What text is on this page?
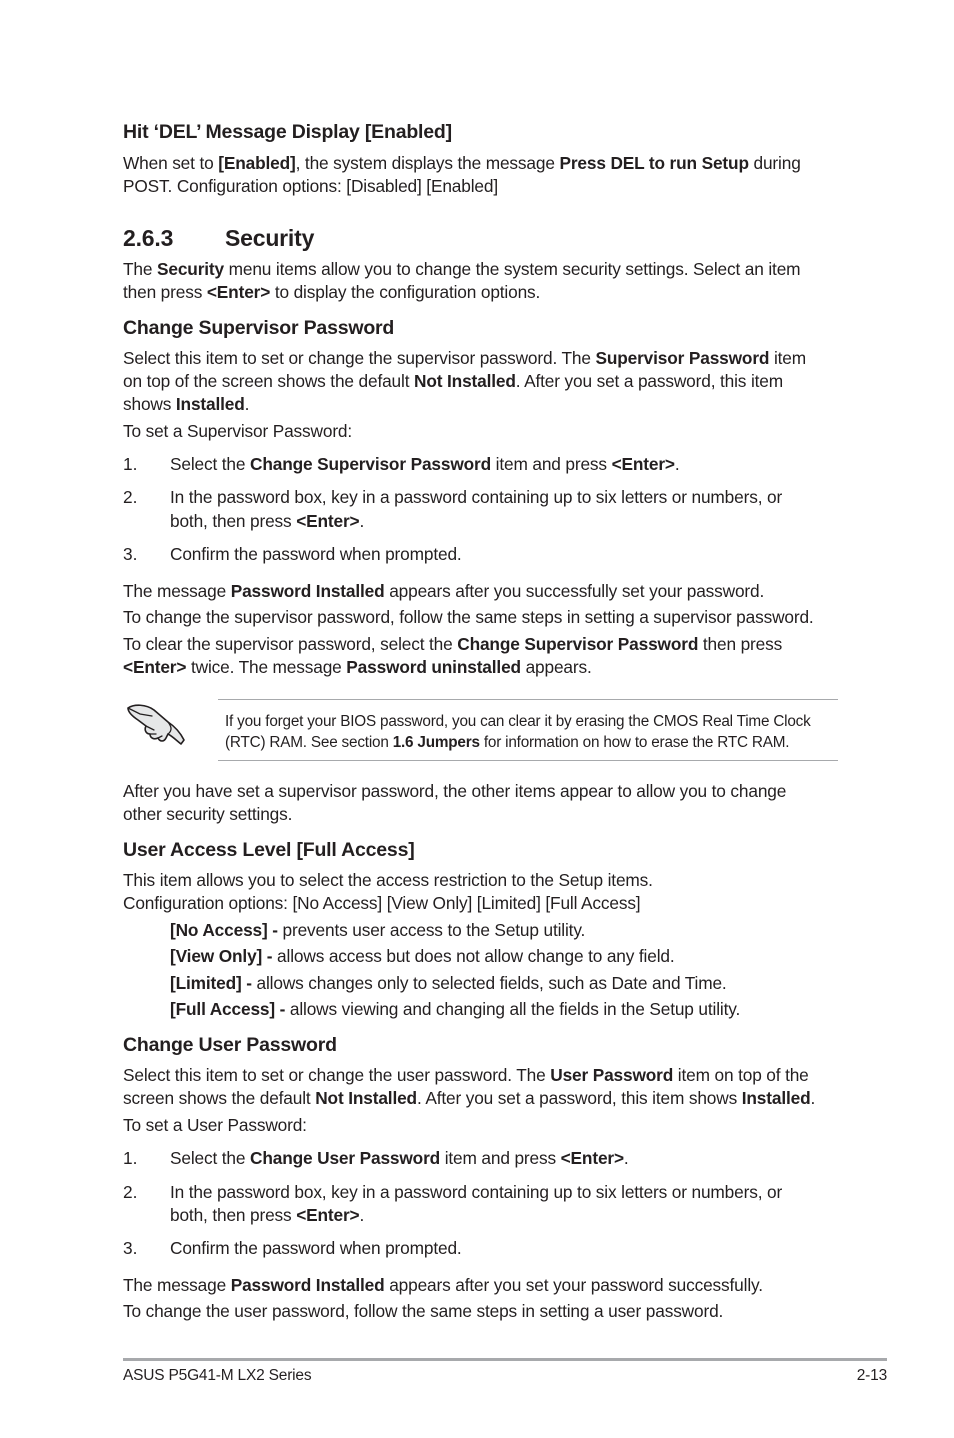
Hit ‘DEL’ Message Display [Enabled]
When set to [Enabled], the system displays the message Press DEL to run Setup during
POST. Configuration options: [Disabled] [Enabled]
2.6.3 Security
The Security menu items allow you to change the system security settings. Select an item
then press <Enter> to display the configuration options.
Change Supervisor Password
Select this item to set or change the supervisor password. The Supervisor Password item
on top of the screen shows the default Not Installed. After you set a password, this item
shows Installed.
To set a Supervisor Password:
1. Select the Change Supervisor Password item and press <Enter>.
2. In the password box, key in a password containing up to six letters or numbers, or
both, then press <Enter>.
3. Confirm the password when prompted.
The message Password Installed appears after you successfully set your password.
To change the supervisor password, follow the same steps in setting a supervisor password.
To clear the supervisor password, select the Change Supervisor Password then press
<Enter> twice. The message Password uninstalled appears.
If you forget your BIOS password, you can clear it by erasing the CMOS Real Time Clock
(RTC) RAM. See section 1.6 Jumpers for information on how to erase the RTC RAM.
After you have set a supervisor password, the other items appear to allow you to change
other security settings.
User Access Level [Full Access]
This item allows you to select the access restriction to the Setup items.
Configuration options: [No Access] [View Only] [Limited] [Full Access]
[No Access] - prevents user access to the Setup utility.
[View Only] - allows access but does not allow change to any field.
[Limited] - allows changes only to selected fields, such as Date and Time.
[Full Access] - allows viewing and changing all the fields in the Setup utility.
Change User Password
Select this item to set or change the user password. The User Password item on top of the
screen shows the default Not Installed. After you set a password, this item shows Installed.
To set a User Password:
1. Select the Change User Password item and press <Enter>.
2. In the password box, key in a password containing up to six letters or numbers, or
both, then press <Enter>.
3. Confirm the password when prompted.
The message Password Installed appears after you set your password successfully.
To change the user password, follow the same steps in setting a user password.
ASUS P5G41-M LX2 Series	2-13
